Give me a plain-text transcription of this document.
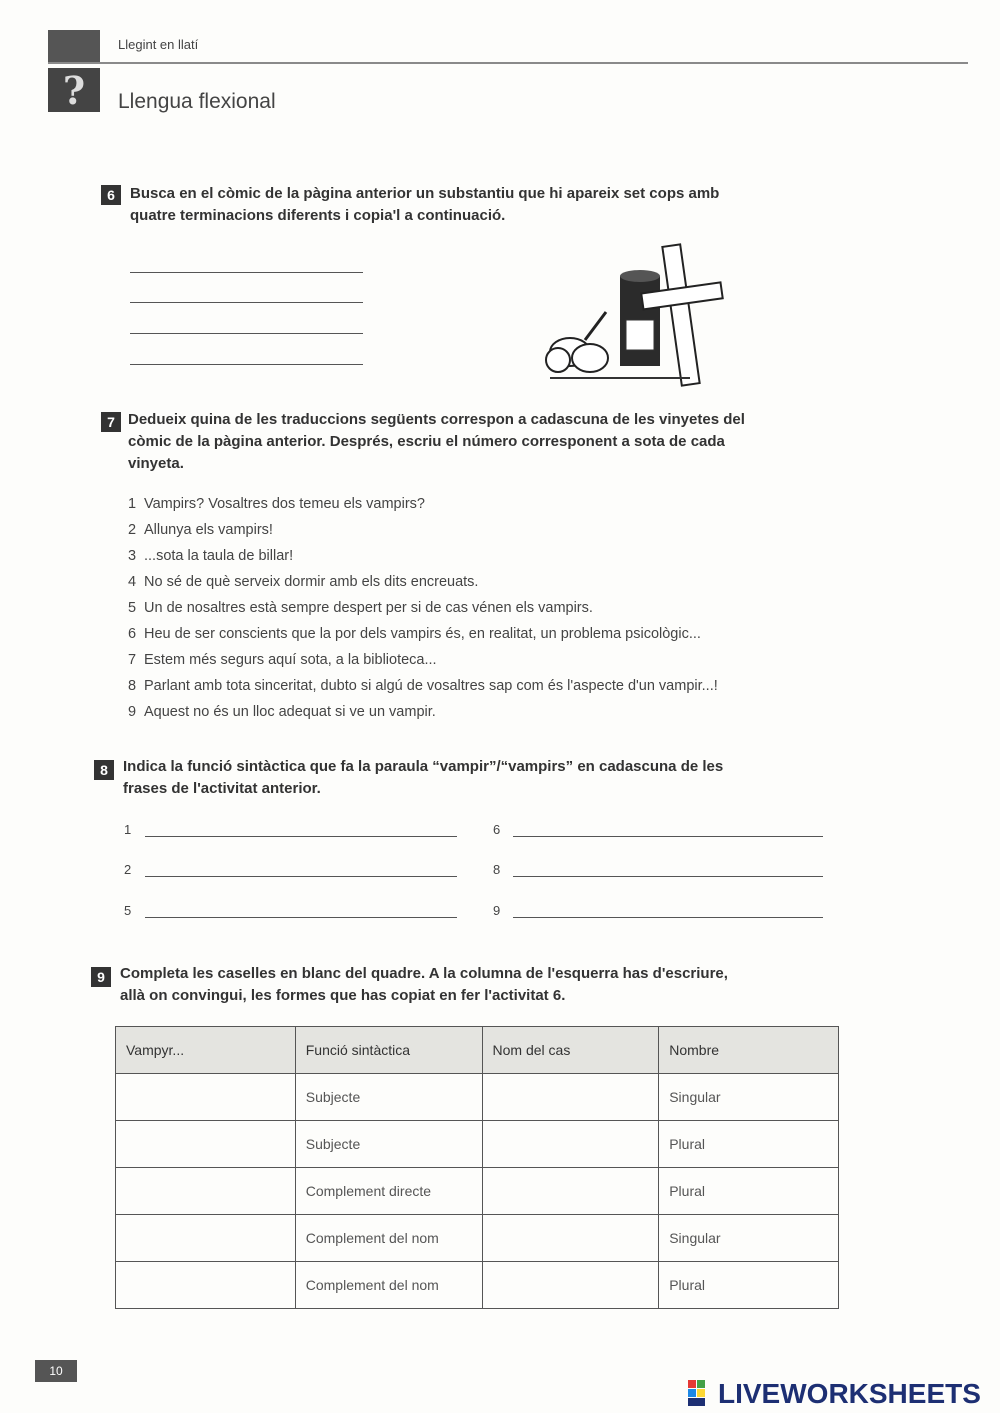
?
Llegint en llatí
Llengua flexional
6	Busca en el còmic de la pàgina anterior un substantiu que hi apareix set cops amb
quatre terminacions diferents i copia'l a continuació.
7 Dedueix quina de les traduccions següents correspon a cadascuna de les vinyetes del
còmic de la pàgina anterior. Després, escriu el número corresponent a sota de cada
vinyeta.
1 Vampirs? Vosaltres dos temeu els vampirs?
2 Allunya els vampirs!
3 ...sota la taula de billar!
4 No sé de què serveix dormir amb els dits encreuats.
5 Un de nosaltres està sempre despert per si de cas vénen els vampirs.
6 Heu de ser conscients que la por dels vampirs és, en realitat, un problema psicològic...
7 Estem més segurs aquí sota, a la biblioteca...
8 Parlant amb tota sinceritat, dubto si algú de vosaltres sap com és l'aspecte d'un vampir...!
9 Aquest no és un lloc adequat si ve un vampir.
8	Indica la funció sintàctica que fa la paraula “vampir”/“vampirs” en cadascuna de les
frases de l'activitat anterior.
1
2
5
6
8
9
9	Completa les caselles en blanc del quadre. A la columna de l'esquerra has d'escriure,
allà on convingui, les formes que has copiat en fer l'activitat 6.
Vampyr...	Funció sintàctica	Nom del cas	Nombre
	Subjecte		Singular
	Subjecte		Plural
	Complement directe		Plural
	Complement del nom		Singular
	Complement del nom		Plural
10
LIVEWORKSHEETS
